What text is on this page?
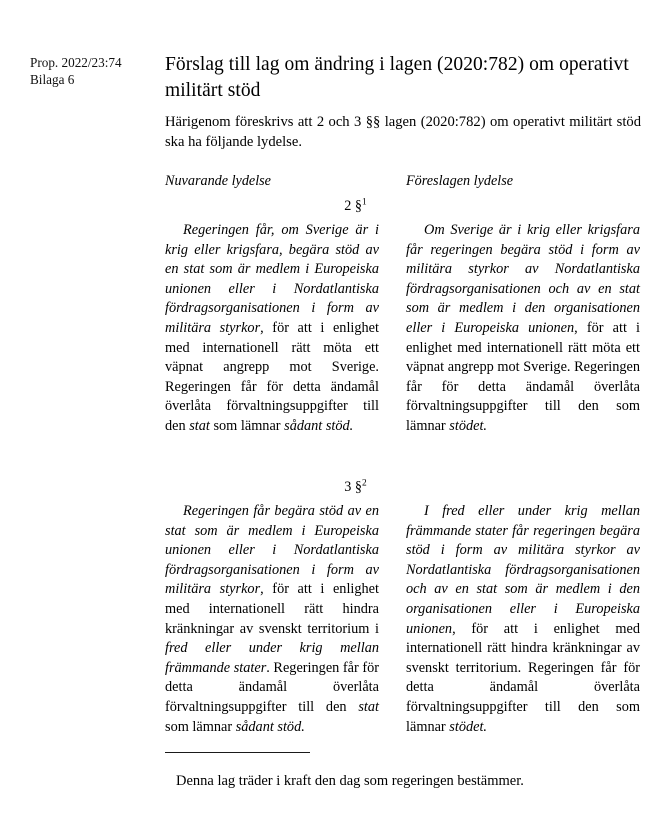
Prop. 2022/23:74
Bilaga 6
Förslag till lag om ändring i lagen (2020:782) om operativt militärt stöd
Härigenom föreskrivs att 2 och 3 §§ lagen (2020:782) om operativt militärt stöd ska ha följande lydelse.
Nuvarande lydelse	Föreslagen lydelse
2 §$^1$

Regeringen får, om Sverige är i krig eller krigsfara, begära stöd av en stat som är medlem i Europeiska unionen eller i Nordatlantiska fördragsorganisationen i form av militära styrkor, för att i enlighet med internationell rätt möta ett väpnat angrepp mot Sverige. Regeringen får för detta ändamål överlåta förvaltningsuppgifter till den stat som lämnar sådant stöd.

Om Sverige är i krig eller krigsfara får regeringen begära stöd i form av militära styrkor av Nordatlantiska fördragsorganisationen och av en stat som är medlem i den organisationen eller i Europeiska unionen, för att i enlighet med internationell rätt möta ett väpnat angrepp mot Sverige. Regeringen får för detta ändamål överlåta förvaltningsuppgifter till den som lämnar stödet.

3 §$^2$

Regeringen får begära stöd av en stat som är medlem i Europeiska unionen eller i Nordatlantiska fördragsorganisationen i form av militära styrkor, för att i enlighet med internationell rätt hindra kränkningar av svenskt territorium i fred eller under krig mellan främmande stater. Regeringen får för detta ändamål överlåta förvaltningsuppgifter till den stat som lämnar sådant stöd.

I fred eller under krig mellan främmande stater får regeringen begära stöd i form av militära styrkor av Nordatlantiska fördragsorganisationen och av en stat som är medlem i den organisationen eller i Europeiska unionen, för att i enlighet med internationell rätt hindra kränkningar av svenskt territorium. Regeringen får för detta ändamål överlåta förvaltningsuppgifter till den som lämnar stödet.

Denna lag träder i kraft den dag som regeringen bestämmer.
